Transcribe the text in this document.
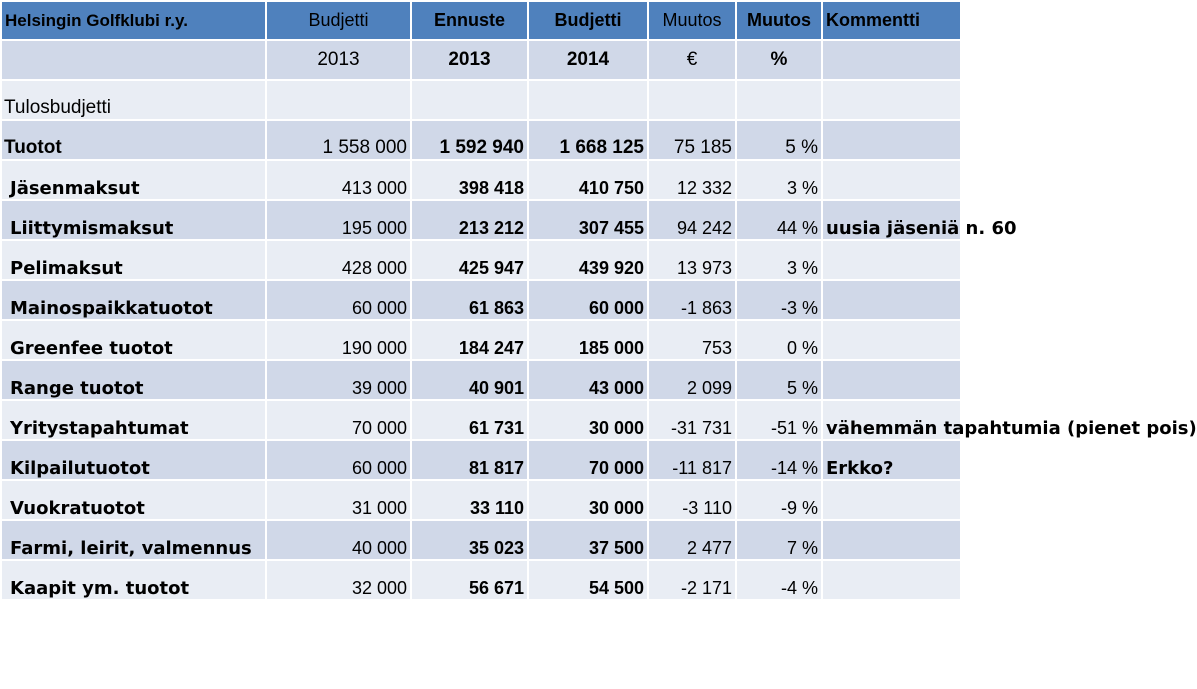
Helsingin Golfklubi r.y.	Budjetti	Ennuste	Budjetti	Muutos	Muutos	Kommentti
	2013	2013	2014	€	%	
Tulosbudjetti						
Tuotot	1 558 000	1 592 940	1 668 125	75 185	5 %	
Jäsenmaksut	413 000	398 418	410 750	12 332	3 %	
Liittymismaksut	195 000	213 212	307 455	94 242	44 %	uusia jäseniä n. 60
Pelimaksut	428 000	425 947	439 920	13 973	3 %	
Mainospaikkatuotot	60 000	61 863	60 000	-1 863	-3 %	
Greenfee tuotot	190 000	184 247	185 000	753	0 %	
Range tuotot	39 000	40 901	43 000	2 099	5 %	
Yritystapahtumat	70 000	61 731	30 000	-31 731	-51 %	vähemmän tapahtumia (pienet pois)
Kilpailutuotot	60 000	81 817	70 000	-11 817	-14 %	Erkko?
Vuokratuotot	31 000	33 110	30 000	-3 110	-9 %	
Farmi, leirit, valmennus	40 000	35 023	37 500	2 477	7 %	
Kaapit ym. tuotot	32 000	56 671	54 500	-2 171	-4 %	
